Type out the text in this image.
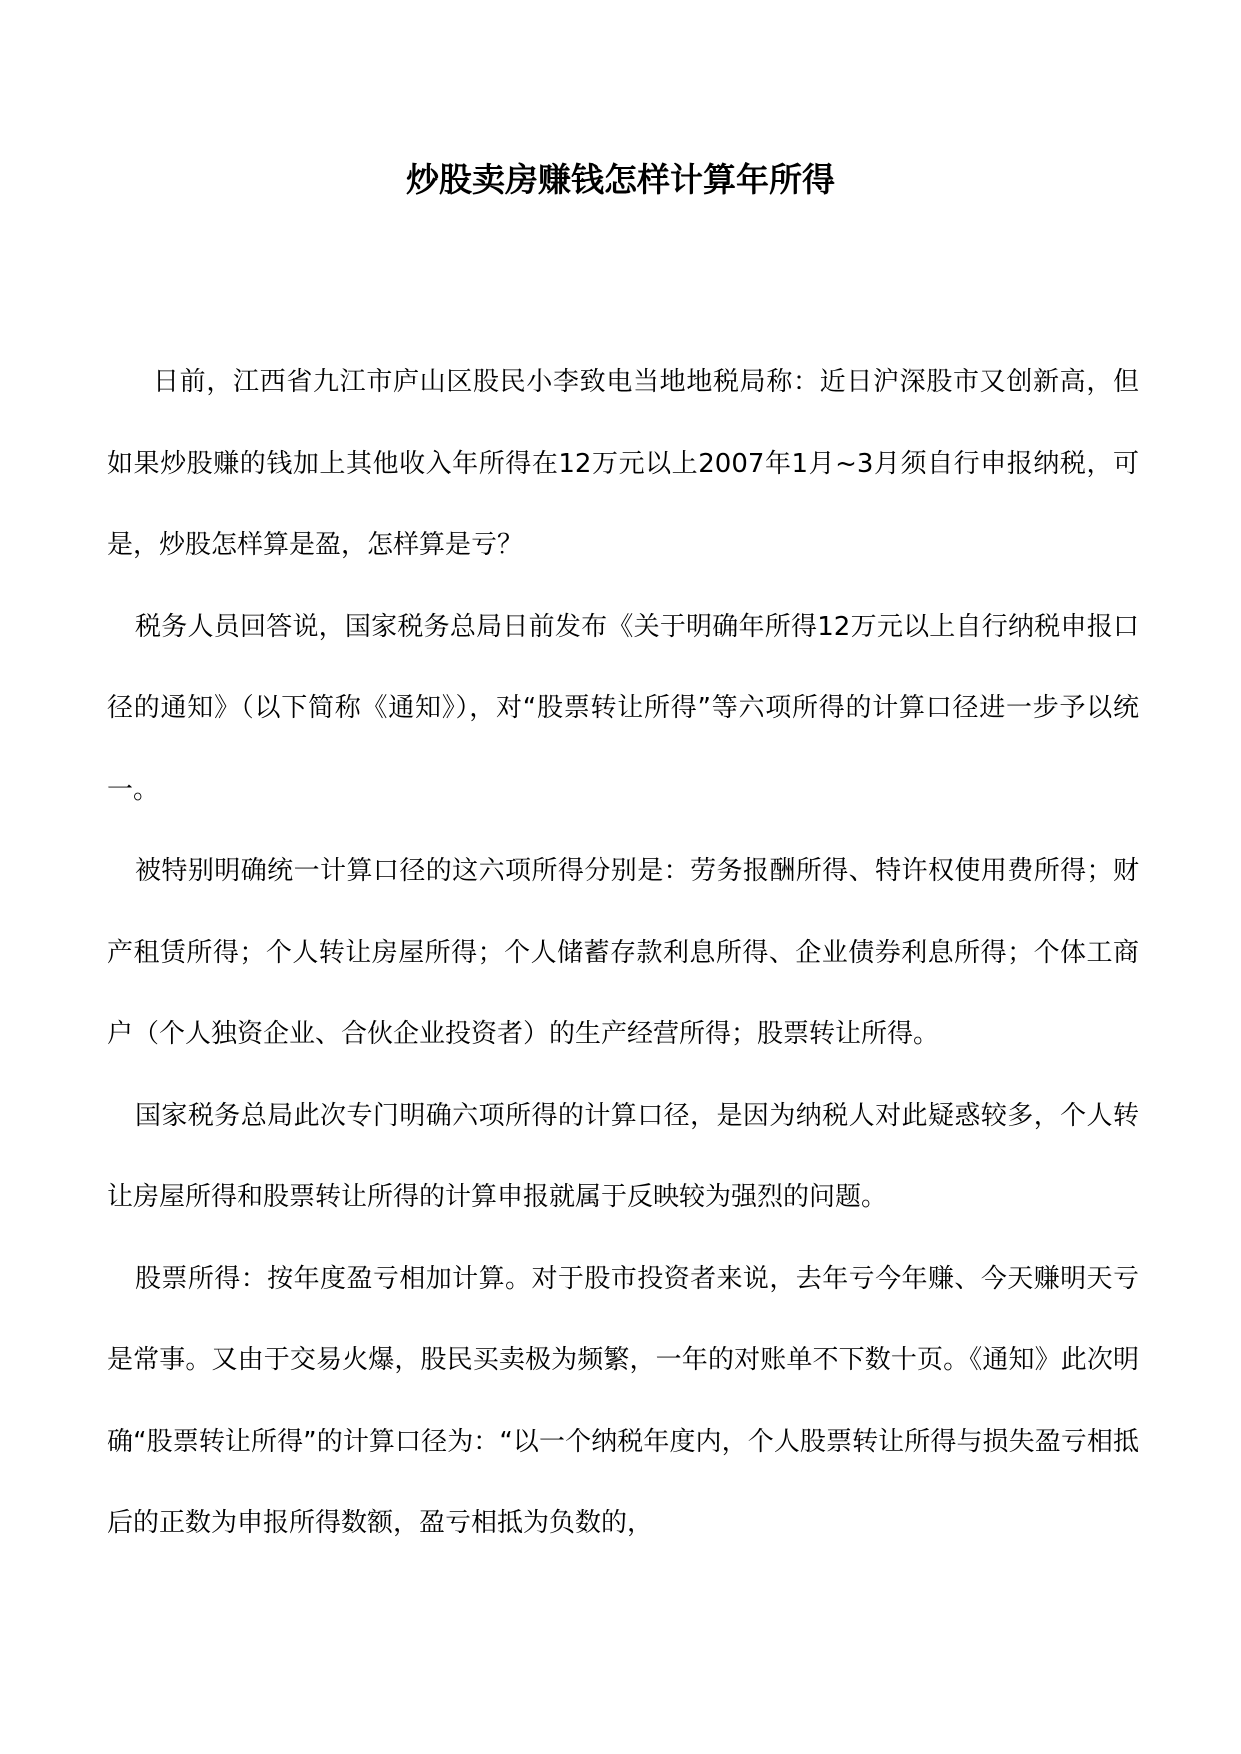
炒股卖房赚钱怎样计算年所得

日前，江西省九江市庐山区股民小李致电当地地税局称：近日沪深股市又创新高，但如果炒股赚的钱加上其他收入年所得在12万元以上2007年1月~3月须自行申报纳税，可是，炒股怎样算是盈，怎样算是亏？

税务人员回答说，国家税务总局日前发布《关于明确年所得12万元以上自行纳税申报口径的通知》（以下简称《通知》），对“股票转让所得”等六项所得的计算口径进一步予以统一。

被特别明确统一计算口径的这六项所得分别是：劳务报酬所得、特许权使用费所得；财产租赁所得；个人转让房屋所得；个人储蓄存款利息所得、企业债券利息所得；个体工商户（个人独资企业、合伙企业投资者）的生产经营所得；股票转让所得。

国家税务总局此次专门明确六项所得的计算口径，是因为纳税人对此疑惑较多，个人转让房屋所得和股票转让所得的计算申报就属于反映较为强烈的问题。

股票所得：按年度盈亏相加计算。对于股市投资者来说，去年亏今年赚、今天赚明天亏是常事。又由于交易火爆，股民买卖极为频繁，一年的对账单不下数十页。《通知》此次明确“股票转让所得”的计算口径为：“以一个纳税年度内，个人股票转让所得与损失盈亏相抵后的正数为申报所得数额，盈亏相抵为负数的，
